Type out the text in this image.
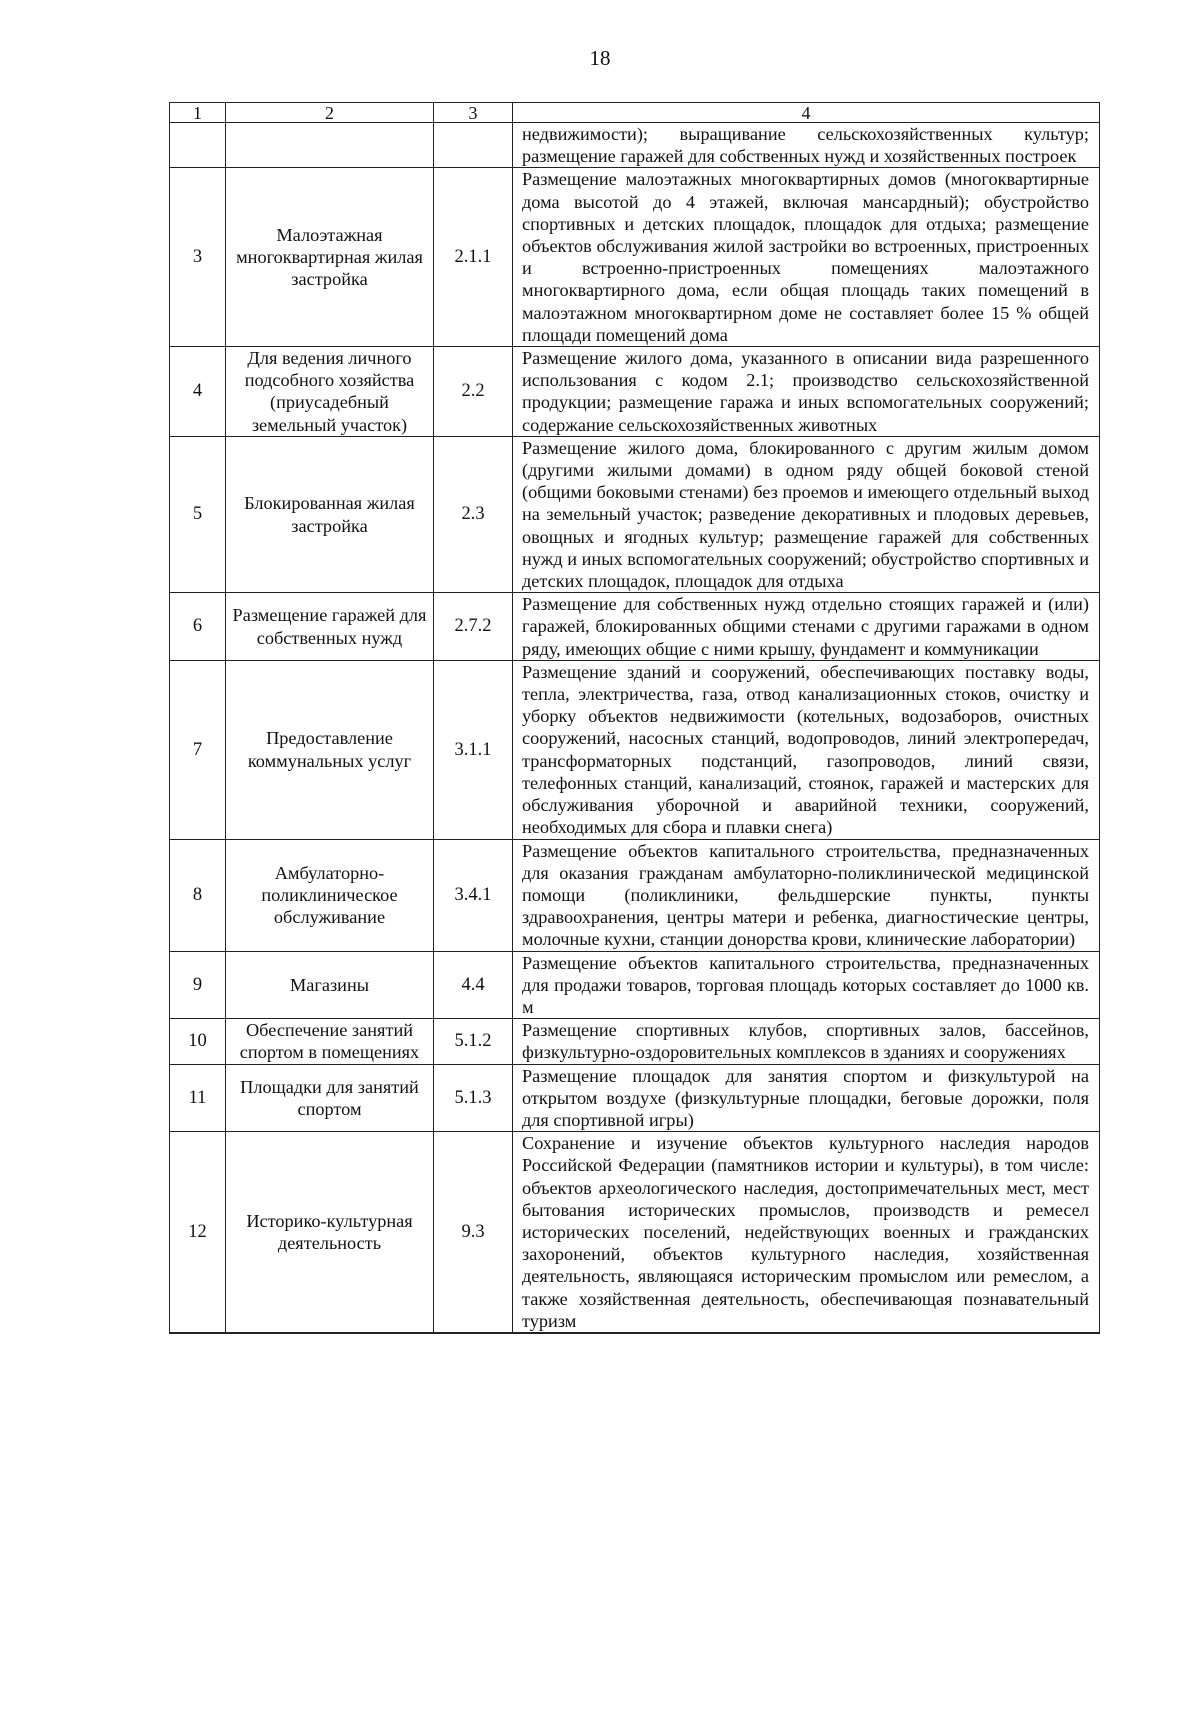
18
1	2	3	4
			недвижимости); выращивание сельскохозяйственных культур; размещение гаражей для собственных нужд и хозяйственных построек
3	Малоэтажная многоквартирная жилая застройка	2.1.1	Размещение малоэтажных многоквартирных домов (многоквартирные дома высотой до 4 этажей, включая мансардный); обустройство спортивных и детских площадок, площадок для отдыха; размещение объектов обслуживания жилой застройки во встроенных, пристроенных и встроенно-пристроенных помещениях малоэтажного многоквартирного дома, если общая площадь таких помещений в малоэтажном многоквартирном доме не составляет более 15 % общей площади помещений дома
4	Для ведения личного подсобного хозяйства (приусадебный земельный участок)	2.2	Размещение жилого дома, указанного в описании вида разрешенного использования с кодом 2.1; производство сельскохозяйственной продукции; размещение гаража и иных вспомогательных сооружений; содержание сельскохозяйственных животных
5	Блокированная жилая застройка	2.3	Размещение жилого дома, блокированного с другим жилым домом (другими жилыми домами) в одном ряду общей боковой стеной (общими боковыми стенами) без проемов и имеющего отдельный выход на земельный участок; разведение декоративных и плодовых деревьев, овощных и ягодных культур; размещение гаражей для собственных нужд и иных вспомогательных сооружений; обустройство спортивных и детских площадок, площадок для отдыха
6	Размещение гаражей для собственных нужд	2.7.2	Размещение для собственных нужд отдельно стоящих гаражей и (или) гаражей, блокированных общими стенами с другими гаражами в одном ряду, имеющих общие с ними крышу, фундамент и коммуникации
7	Предоставление коммунальных услуг	3.1.1	Размещение зданий и сооружений, обеспечивающих поставку воды, тепла, электричества, газа, отвод канализационных стоков, очистку и уборку объектов недвижимости (котельных, водозаборов, очистных сооружений, насосных станций, водопроводов, линий электропередач, трансформаторных подстанций, газопроводов, линий связи, телефонных станций, канализаций, стоянок, гаражей и мастерских для обслуживания уборочной и аварийной техники, сооружений, необходимых для сбора и плавки снега)
8	Амбулаторно-поликлиническое обслуживание	3.4.1	Размещение объектов капитального строительства, предназначенных для оказания гражданам амбулаторно-поликлинической медицинской помощи (поликлиники, фельдшерские пункты, пункты здравоохранения, центры матери и ребенка, диагностические центры, молочные кухни, станции донорства крови, клинические лаборатории)
9	Магазины	4.4	Размещение объектов капитального строительства, предназначенных для продажи товаров, торговая площадь которых составляет до 1000 кв. м
10	Обеспечение занятий спортом в помещениях	5.1.2	Размещение спортивных клубов, спортивных залов, бассейнов, физкультурно-оздоровительных комплексов в зданиях и сооружениях
11	Площадки для занятий спортом	5.1.3	Размещение площадок для занятия спортом и физкультурой на открытом воздухе (физкультурные площадки, беговые дорожки, поля для спортивной игры)
12	Историко-культурная деятельность	9.3	Сохранение и изучение объектов культурного наследия народов Российской Федерации (памятников истории и культуры), в том числе: объектов археологического наследия, достопримечательных мест, мест бытования исторических промыслов, производств и ремесел исторических поселений, недействующих военных и гражданских захоронений, объектов культурного наследия, хозяйственная деятельность, являющаяся историческим промыслом или ремеслом, а также хозяйственная деятельность, обеспечивающая познавательный туризм
